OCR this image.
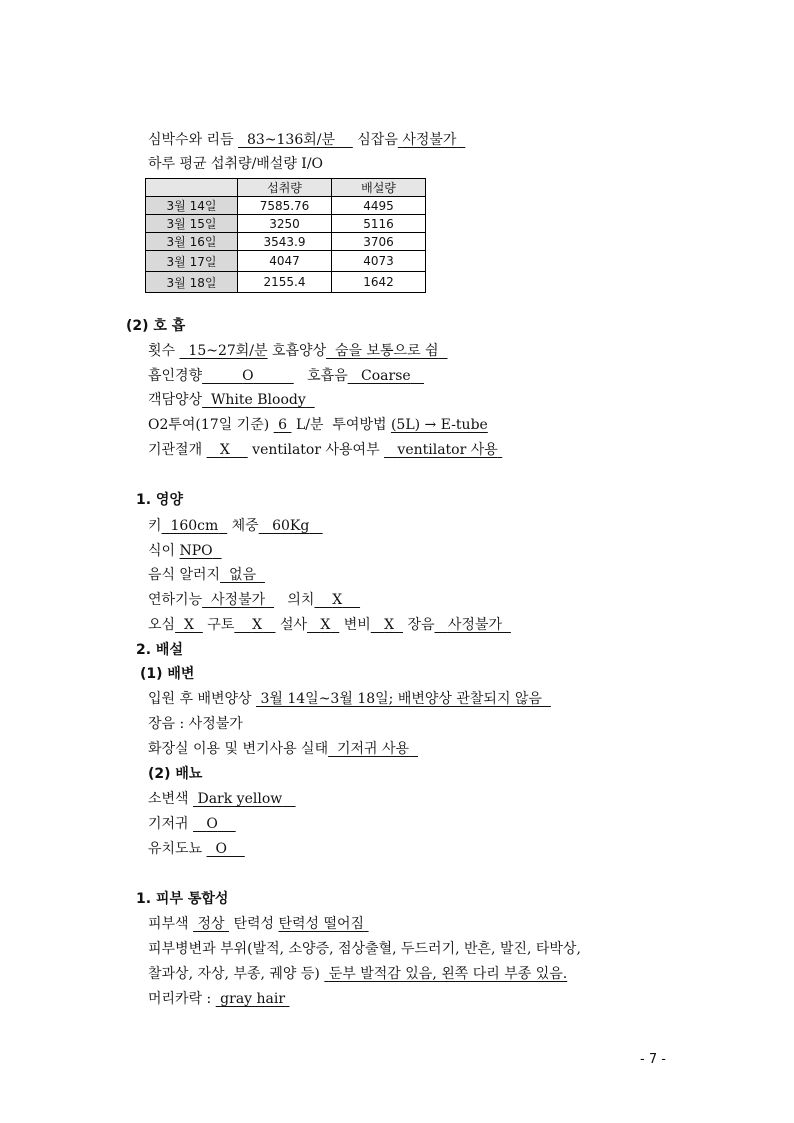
심박수와 리듬 83~136회/분 심잡음 사정불가
하루 평균 섭취량/배설량 I/O
	섭취량	배설량
3월 14일	7585.76	4495
3월 15일	3250	5116
3월 16일	3543.9	3706
3월 17일	4047	4073
3월 18일	2155.4	1642
(2) 호 흡
횟수 15~27회/분 호흡양상 숨을 보통으로 쉼
흡인경향	O	호흡음 Coarse
객담양상 White Bloody
O2투여(17일 기준) 6 L/분 투여방법 (5L) → E-tube
기관절개 X ventilator 사용여부 ventilator 사용
1. 영양
키 160cm 체중 60Kg
식이 NPO
음식 알러지 없음
연하기능 사정불가 의치 X
오심 X 구토 X 설사 X 변비 X 장음 사정불가
2. 배설
(1) 배변
입원 후 배변양상 3월 14일~3월 18일; 배변양상 관찰되지 않음
장음 : 사정불가
화장실 이용 및 변기사용 실태 기저귀 사용
(2) 배뇨
소변색 Dark yellow
기저귀 O
유치도뇨 O
1. 피부 통합성
피부색 정상 탄력성 탄력성 떨어짐
피부병변과 부위(발적, 소양증, 점상출혈, 두드러기, 반흔, 발진, 타박상,
찰과상, 자상, 부종, 궤양 등) 둔부 발적감 있음, 왼쪽 다리 부종 있음.
머리카락 : gray hair
- 7 -
